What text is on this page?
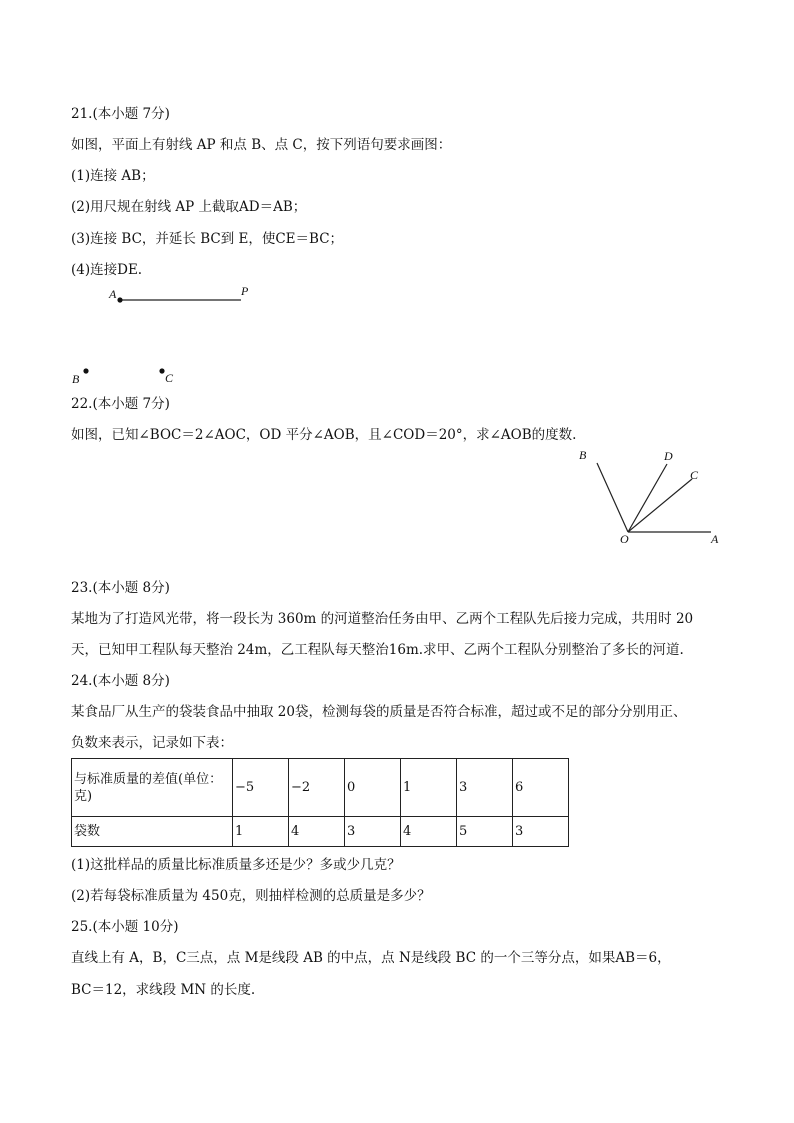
21.(本小题 7分)
如图，平面上有射线 AP 和点 B、点 C，按下列语句要求画图：
(1)连接 AB；
(2)用尺规在射线 AP 上截取AD＝AB；
(3)连接 BC，并延长 BC到 E，使CE＝BC；
(4)连接DE.
A	P
B	C
22.(本小题 7分)
如图，已知∠BOC＝2∠AOC，OD 平分∠AOB，且∠COD＝20°，求∠AOB的度数.
B	D
C
O	A
23.(本小题 8分)
某地为了打造风光带，将一段长为 360m 的河道整治任务由甲、乙两个工程队先后接力完成，共用时 20
天，已知甲工程队每天整治 24m，乙工程队每天整治16m.求甲、乙两个工程队分别整治了多长的河道.
24.(本小题 8分)
某食品厂从生产的袋装食品中抽取 20袋，检测每袋的质量是否符合标准，超过或不足的部分分别用正、
负数来表示，记录如下表：
与标准质量的差值(单位：克)	−5	−2	0	1	3	6
袋数	1	4	3	4	5	3
(1)这批样品的质量比标准质量多还是少？多或少几克？
(2)若每袋标准质量为 450克，则抽样检测的总质量是多少？
25.(本小题 10分)
直线上有 A，B，C三点，点 M是线段 AB 的中点，点 N是线段 BC 的一个三等分点，如果AB＝6，
BC＝12，求线段 MN 的长度.
